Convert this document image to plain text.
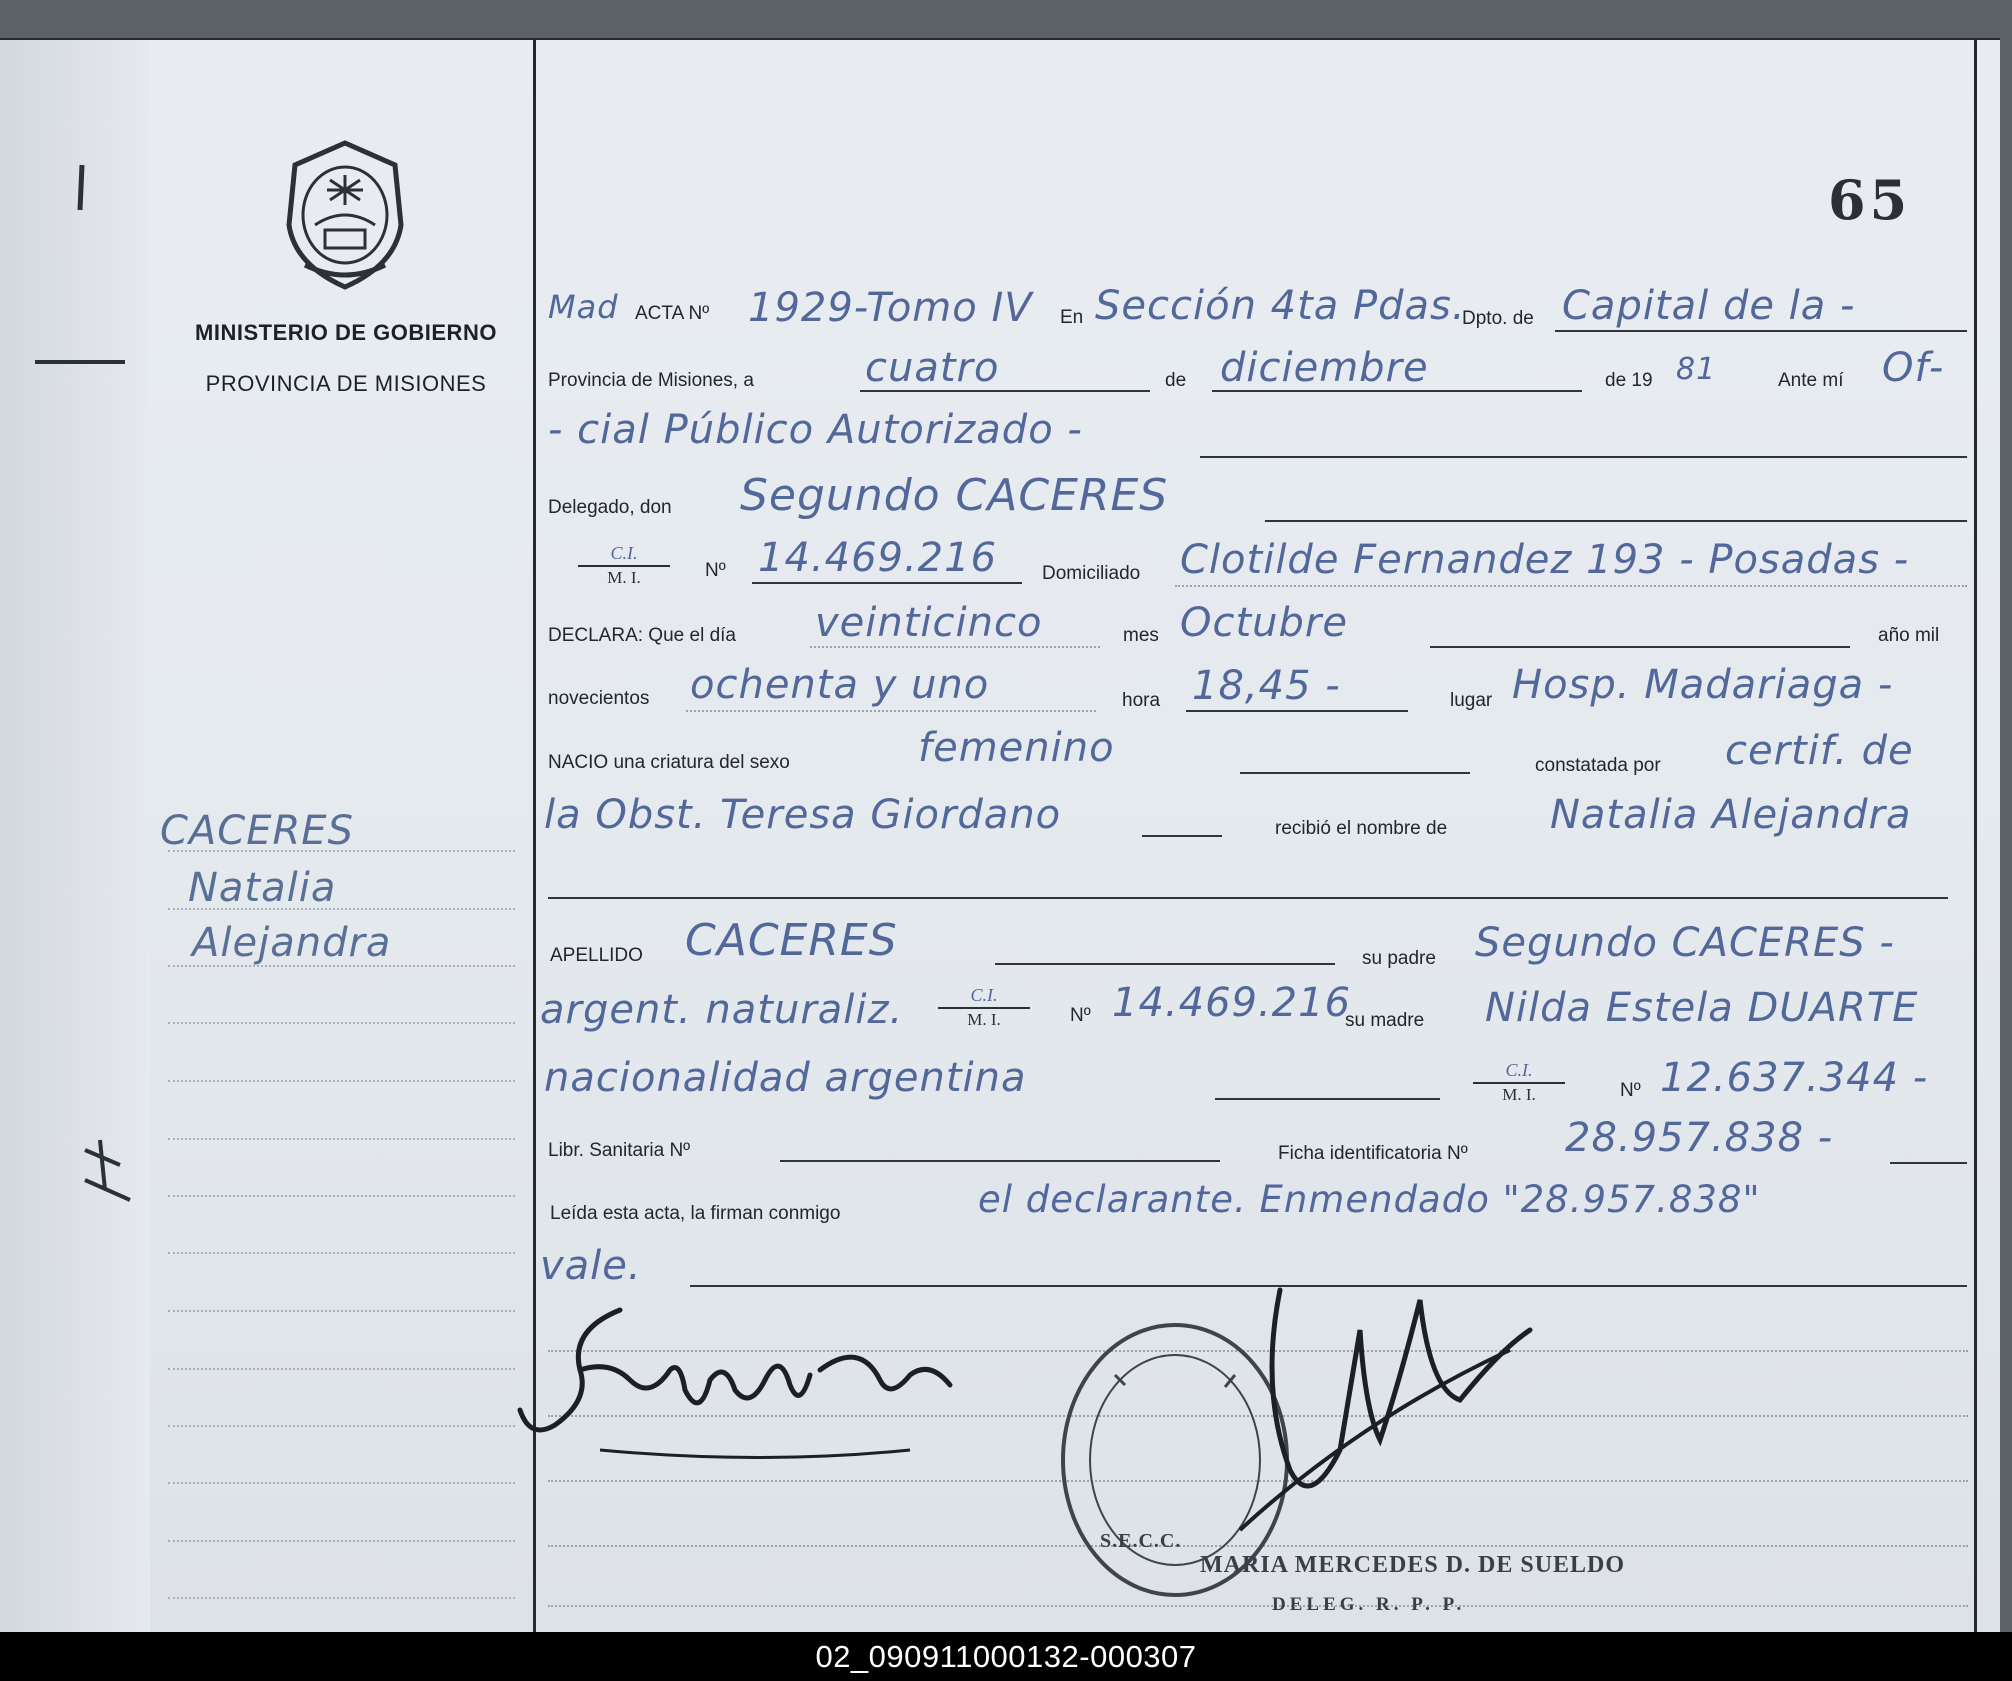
MINISTERIO DE GOBIERNO
PROVINCIA DE MISIONES
CACERES
Natalia
Alejandra
65
Mad ACTA Nº 1929-Tomo IV En Sección 4ta Pdas.
Dpto. de Capital de la -
Provincia de Misiones, a	cuatro	de diciembre	de 19 81	Ante mí Of-
- cial Público Autorizado -
Delegado, don Segundo CACERES
C.I.
M. I.	Nº 14.469.216 Domiciliado Clotilde Fernandez 193 - Posadas -
DECLARA: Que el día veinticinco	mes Octubre	año mil
novecientos ochenta y uno	hora 18,45 -	lugar Hosp. Madariaga -
NACIO una criatura del sexo	femenino	constatada por certif. de
la Obst. Teresa Giordano	recibió el nombre de	Natalia Alejandra
APELLIDO CACERES	su padre Segundo CACERES -
argent. naturaliz.	C.I.
M. I.	Nº 14.469.216
su madre Nilda Estela DUARTE
nacionalidad argentina	C.I.
M. I.	Nº 12.637.344 -
Libr. Sanitaria Nº	Ficha identificatoria Nº 28.957.838 -
Leída esta acta, la firman conmigo	el declarante. Enmendado "28.957.838"
vale.
S.E.C.C.
MARIA MERCEDES D. DE SUELDO
DELEG. R. P. P.
02_090911000132-000307
